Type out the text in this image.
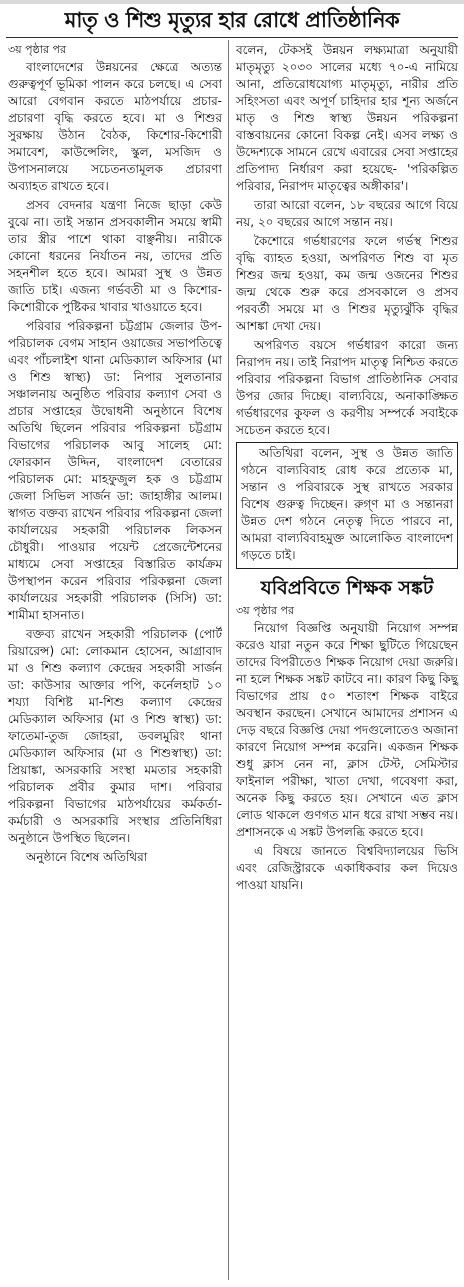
মাতৃ ও শিশু মৃত্যুর হার রোধে প্রাতিষ্ঠানিক

৩য় পৃষ্ঠার পর

বাংলাদেশের উন্নয়নের ক্ষেত্রে অত্যন্ত গুরুত্বপূর্ণ ভূমিকা পালন করে চলছে। এ সেবা আরো বেগবান করতে মাঠপর্যায়ে প্রচার-প্রচারণা বৃদ্ধি করতে হবে। মা ও শিশুর সুরক্ষায় উঠান বৈঠক, কিশোর-কিশোরী সমাবেশ, কাউন্সেলিং, স্কুল, মসজিদ ও উপাসনালয়ে সচেতনতামূলক প্রচারণা অব্যাহত রাখতে হবে।

প্রসব বেদনার যন্ত্রণা নিজে ছাড়া কেউ বুঝে না। তাই সন্তান প্রসবকালীন সময়ে স্বামী তার স্ত্রীর পাশে থাকা বাঞ্ছনীয়। নারীকে কোনো ধরনের নির্যাতন নয়, তাদের প্রতি সহনশীল হতে হবে। আমরা সুস্থ ও উন্নত জাতি চাই। এজন্য গর্ভবতী মা ও কিশোর-কিশোরীকে পুষ্টিকর খাবার খাওয়াতে হবে।

পরিবার পরিকল্পনা চট্টগ্রাম জেলার উপ-পরিচালক বেগম সাহান ওয়াজের সভাপতিত্বে এবং পাঁচলাইশ থানা মেডিক্যাল অফিসার (মা ও শিশু স্বাস্থ্য) ডা: নিপার সুলতানার সঞ্চালনায় অনুষ্ঠিত পরিবার কল্যাণ সেবা ও প্রচার সপ্তাহের উদ্বোধনী অনুষ্ঠানে বিশেষ অতিথি ছিলেন পরিবার পরিকল্পনা চট্টগ্রাম বিভাগের পরিচালক আবু সালেহ মো: ফোরকান উদ্দিন, বাংলাদেশ বেতারের পরিচালক মো: মাহফুজুল হক ও চট্টগ্রাম জেলা সিভিল সার্জন ডা: জাহাঙ্গীর আলম। স্বাগত বক্তব্য রাখেন পরিবার পরিকল্পনা জেলা কার্যালয়ের সহকারী পরিচালক লিকসন চৌধুরী। পাওয়ার পয়েন্ট প্রেজেন্টেশনের মাধ্যমে সেবা সপ্তাহের বিস্তারিত কার্যক্রম উপস্থাপন করেন পরিবার পরিকল্পনা জেলা কার্যালয়ের সহকারী পরিচালক (সিসি) ডা: শামীমা হাসনাত।

বক্তব্য রাখেন সহকারী পরিচালক (পোর্ট রিয়ারেন্স) মো: লোকমান হোসেন, আগ্রাবাদ মা ও শিশু কল্যাণ কেন্দ্রের সহকারী সার্জন ডা: কাউসার আক্তার পপি, কর্নেলহাট ১০ শয্যা বিশিষ্ট মা-শিশু কল্যাণ কেন্দ্রের মেডিক্যাল অফিসার (মা ও শিশু স্বাস্থ্য) ডা: ফাতেমা-তুজ জোহরা, ডবলমুরিং থানা মেডিক্যাল অফিসার (মা ও শিশুস্বাস্থ্য) ডা: প্রিয়াঙ্কা, অসরকারি সংস্থা মমতার সহকারী পরিচালক প্রবীর কুমার দাশ। পরিবার পরিকল্পনা বিভাগের মাঠপর্যায়ের কর্মকর্তা-কর্মচারী ও অসরকারি সংস্থার প্রতিনিধিরা অনুষ্ঠানে উপস্থিত ছিলেন।

অনুষ্ঠানে বিশেষ অতিথিরা

বলেন, টেকসই উন্নয়ন লক্ষ্যমাত্রা অনুযায়ী মাতৃমৃত্যু ২০৩০ সালের মধ্যে ৭০-এ নামিয়ে আনা, প্রতিরোধযোগ্য মাতৃমৃত্যু, নারীর প্রতি সহিংসতা এবং অপূর্ণ চাহিদার হার শূন্য অর্জনে মাতৃ ও শিশু স্বাস্থ্য উন্নয়ন পরিকল্পনা বাস্তবায়নের কোনো বিকল্প নেই। এসব লক্ষ্য ও উদ্দেশ্যকে সামনে রেখে এবারের সেবা সপ্তাহের প্রতিপাদ্য নির্ধারণ করা হয়েছে- 'পরিকল্পিত পরিবার, নিরাপদ মাতৃত্বের অঙ্গীকার'।

তারা আরো বলেন, ১৮ বছরের আগে বিয়ে নয়, ২০ বছরের আগে সন্তান নয়।

কৈশোরে গর্ভধারণের ফলে গর্ভস্থ শিশুর বৃদ্ধি ব্যাহত হওয়া, অপরিণত শিশু বা মৃত শিশুর জন্ম হওয়া, কম জন্ম ওজনের শিশুর জন্ম থেকে শুরু করে প্রসবকালে ও প্রসব পরবর্তী সময়ে মা ও শিশুর মৃত্যুঝুঁকি বৃদ্ধির আশঙ্কা দেখা দেয়।

অপরিণত বয়সে গর্ভধারণ কারো জন্য নিরাপদ নয়। তাই নিরাপদ মাতৃত্ব নিশ্চিত করতে পরিবার পরিকল্পনা বিভাগ প্রাতিষ্ঠানিক সেবার উপর জোর দিচ্ছে। বাল্যবিয়ে, অনাকাঙ্ক্ষিত গর্ভধারণের কুফল ও করণীয় সম্পর্কে সবাইকে সচেতন করতে হবে।

অতিথিরা বলেন, সুস্থ ও উন্নত জাতি গঠনে বাল্যবিবাহ রোধ করে প্রত্যেক মা, সন্তান ও পরিবারকে সুস্থ রাখতে সরকার বিশেষ গুরুত্ব দিচ্ছেন। রুগ্ণ মা ও সন্তানরা উন্নত দেশ গঠনে নেতৃত্ব দিতে পারবে না, আমরা বাল্যবিবাহমুক্ত আলোকিত বাংলাদেশ গড়তে চাই।

যবিপ্রবিতে শিক্ষক সঙ্কট

৩য় পৃষ্ঠার পর

নিয়োগ বিজ্ঞপ্তি অনুযায়ী নিয়োগ সম্পন্ন করেও যারা নতুন করে শিক্ষা ছুটিতে গিয়েছেন তাদের বিপরীতেও শিক্ষক নিয়োগ দেয়া জরুরি। না হলে শিক্ষক সঙ্কট কাটবে না। কারণ কিছু কিছু বিভাগের প্রায় ৫০ শতাংশ শিক্ষক বাইরে অবস্থান করছেন। সেখানে আমাদের প্রশাসন এ দেড় বছরে বিজ্ঞপ্তি দেয়া পদগুলোতেও অজানা কারণে নিয়োগ সম্পন্ন করেনি। একজন শিক্ষক শুধু ক্লাস নেন না, ক্লাস টেস্ট, সেমিস্টার ফাইনাল পরীক্ষা, খাতা দেখা, গবেষণা করা, অনেক কিছু করতে হয়। সেখানে এত ক্লাস লোড থাকলে গুণগত মান ধরে রাখা সম্ভব নয়। প্রশাসনকে এ সঙ্কট উপলব্ধি করতে হবে।

এ বিষয়ে জানতে বিশ্ববিদ্যালয়ের ভিসি এবং রেজিস্ট্রারকে একাধিকবার কল দিয়েও পাওয়া যায়নি।
